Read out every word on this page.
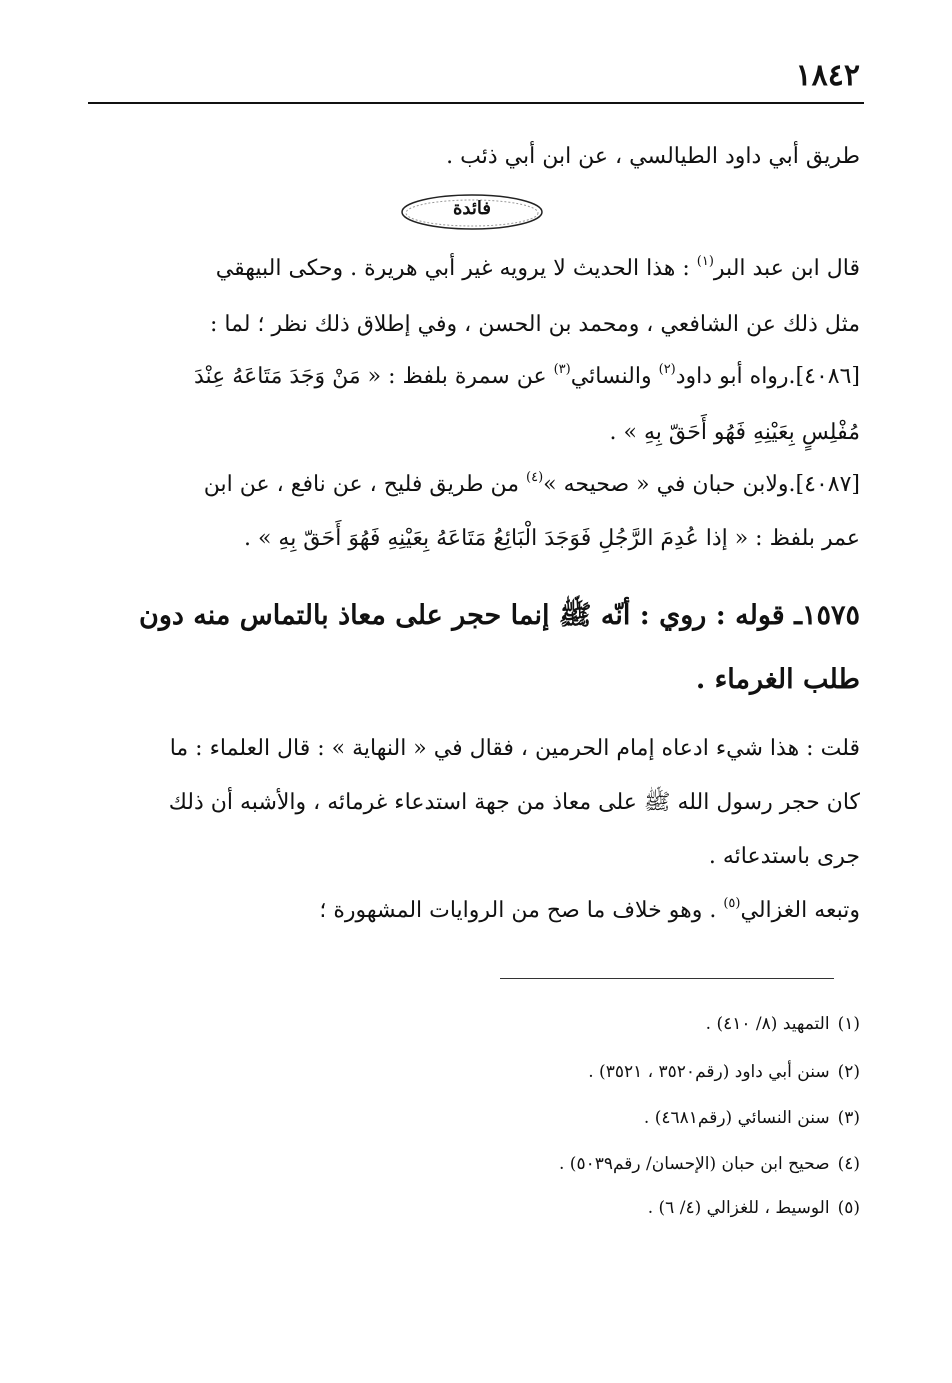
١٨٤٢
طريق أبي داود الطيالسي ، عن ابن أبي ذئب .
فائدة
قال ابن عبد البر$^{(١)}$ : هذا الحديث لا يرويه غير أبي هريرة . وحكى البيهقي
مثل ذلك عن الشافعي ، ومحمد بن الحسن ، وفي إطلاق ذلك نظر ؛ لما :
[٤٠٨٦].رواه أبو داود$^{(٢)}$ والنسائي$^{(٣)}$ عن سمرة بلفظ : « مَنْ وَجَدَ مَتَاعَهُ عِنْدَ
مُفْلِسٍ بِعَيْنِهِ فَهُو أَحَقّ بِهِ » .
[٤٠٨٧].ولابن حبان في « صحيحه »$^{(٤)}$ من طريق فليح ، عن نافع ، عن ابن
عمر بلفظ : « إذا عُدِمَ الرَّجُلِ فَوَجَدَ الْبَائِعُ مَتَاعَهُ بِعَيْنِهِ فَهُوَ أَحَقّ بِهِ » .
١٥٧٥ـ قوله : روي : أنّه ﷺ إنما حجر على معاذ بالتماس منه دون
طلب الغرماء .
قلت : هذا شيء ادعاه إمام الحرمين ، فقال في « النهاية » : قال العلماء : ما
كان حجر رسول الله ﷺ على معاذ من جهة استدعاء غرمائه ، والأشبه أن ذلك
جرى باستدعائه .
وتبعه الغزالي$^{(٥)}$ . وهو خلاف ما صح من الروايات المشهورة ؛
(١)التمهيد (٨/ ٤١٠) .
(٢)سنن أبي داود (رقم٣٥٢٠ ، ٣٥٢١) .
(٣)سنن النسائي (رقم٤٦٨١) .
(٤)صحيح ابن حبان (الإحسان/ رقم٥٠٣٩) .
(٥)الوسيط ، للغزالي (٤/ ٦) .
